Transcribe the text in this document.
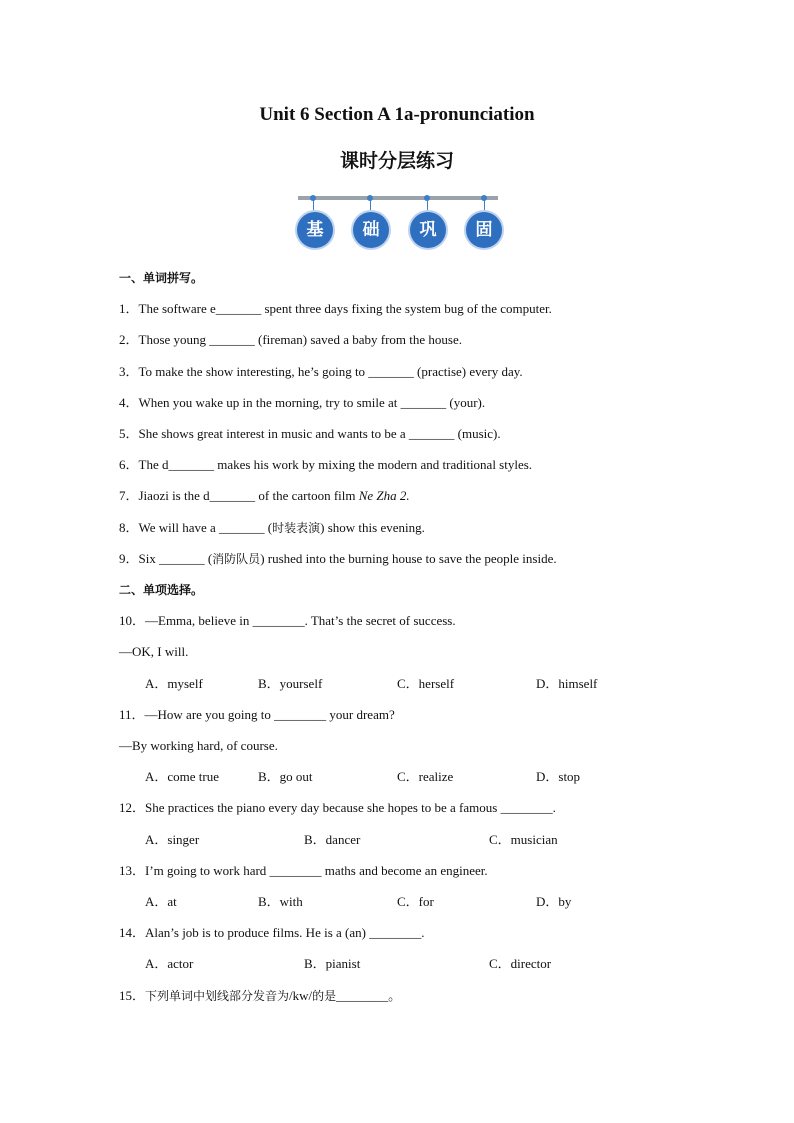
Unit 6 Section A 1a-pronunciation
课时分层练习
基	础	巩	固
一、单词拼写。
1．The software e_______ spent three days fixing the system bug of the computer.
2．Those young _______ (fireman) saved a baby from the house.
3．To make the show interesting, he’s going to _______ (practise) every day.
4．When you wake up in the morning, try to smile at _______ (your).
5．She shows great interest in music and wants to be a _______ (music).
6．The d_______ makes his work by mixing the modern and traditional styles.
7．Jiaozi is the d_______ of the cartoon film Ne Zha 2.
8．We will have a _______ (时装表演) show this evening.
9．Six _______ (消防队员) rushed into the burning house to save the people inside.
二、单项选择。
10．—Emma, believe in ________. That’s the secret of success.
—OK, I will.
A．myself	B．yourself	C．herself	D．himself
11．—How are you going to ________ your dream?
—By working hard, of course.
A．come true	B．go out	C．realize	D．stop
12．She practices the piano every day because she hopes to be a famous ________.
A．singer	B．dancer	C．musician
13．I’m going to work hard ________ maths and become an engineer.
A．at	B．with	C．for	D．by
14．Alan’s job is to produce films. He is a (an) ________.
A．actor	B．pianist	C．director
15．下列单词中划线部分发音为/kw/的是________。
